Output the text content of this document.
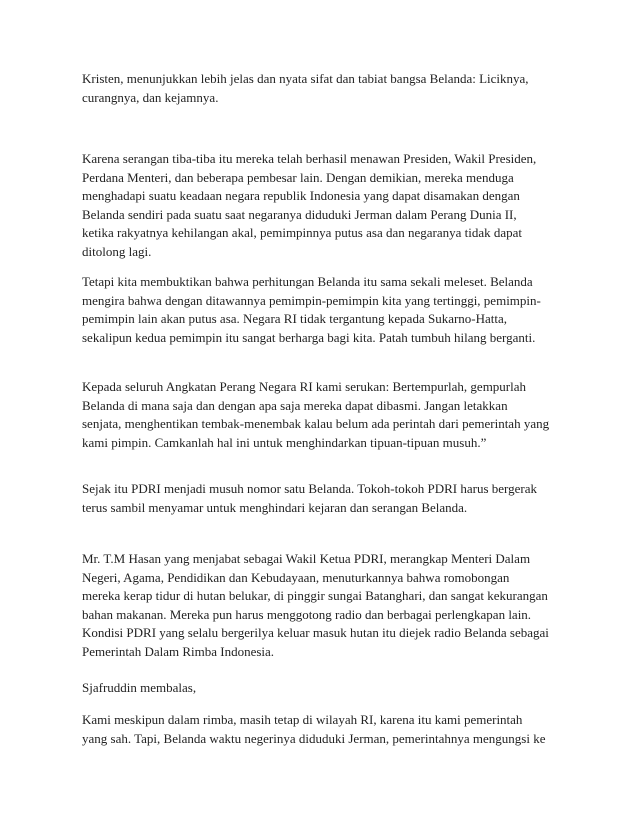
Kristen, menunjukkan lebih jelas dan nyata sifat dan tabiat bangsa Belanda: Liciknya,
curangnya, dan kejamnya.

Karena serangan tiba-tiba itu mereka telah berhasil menawan Presiden, Wakil Presiden,
Perdana Menteri, dan beberapa pembesar lain. Dengan demikian, mereka menduga
menghadapi suatu keadaan negara republik Indonesia yang dapat disamakan dengan
Belanda sendiri pada suatu saat negaranya diduduki Jerman dalam Perang Dunia II,
ketika rakyatnya kehilangan akal, pemimpinnya putus asa dan negaranya tidak dapat
ditolong lagi.

Tetapi kita membuktikan bahwa perhitungan Belanda itu sama sekali meleset. Belanda
mengira bahwa dengan ditawannya pemimpin-pemimpin kita yang tertinggi, pemimpin-
pemimpin lain akan putus asa. Negara RI tidak tergantung kepada Sukarno-Hatta,
sekalipun kedua pemimpin itu sangat berharga bagi kita. Patah tumbuh hilang berganti.

Kepada seluruh Angkatan Perang Negara RI kami serukan: Bertempurlah, gempurlah
Belanda di mana saja dan dengan apa saja mereka dapat dibasmi. Jangan letakkan
senjata, menghentikan tembak-menembak kalau belum ada perintah dari pemerintah yang
kami pimpin. Camkanlah hal ini untuk menghindarkan tipuan-tipuan musuh.”

Sejak itu PDRI menjadi musuh nomor satu Belanda. Tokoh-tokoh PDRI harus bergerak
terus sambil menyamar untuk menghindari kejaran dan serangan Belanda.

Mr. T.M Hasan yang menjabat sebagai Wakil Ketua PDRI, merangkap Menteri Dalam
Negeri, Agama, Pendidikan dan Kebudayaan, menuturkannya bahwa romobongan
mereka kerap tidur di hutan belukar, di pinggir sungai Batanghari, dan sangat kekurangan
bahan makanan. Mereka pun harus menggotong radio dan berbagai perlengkapan lain.
Kondisi PDRI yang selalu bergerilya keluar masuk hutan itu diejek radio Belanda sebagai
Pemerintah Dalam Rimba Indonesia.

Sjafruddin membalas,

Kami meskipun dalam rimba, masih tetap di wilayah RI, karena itu kami pemerintah
yang sah. Tapi, Belanda waktu negerinya diduduki Jerman, pemerintahnya mengungsi ke
